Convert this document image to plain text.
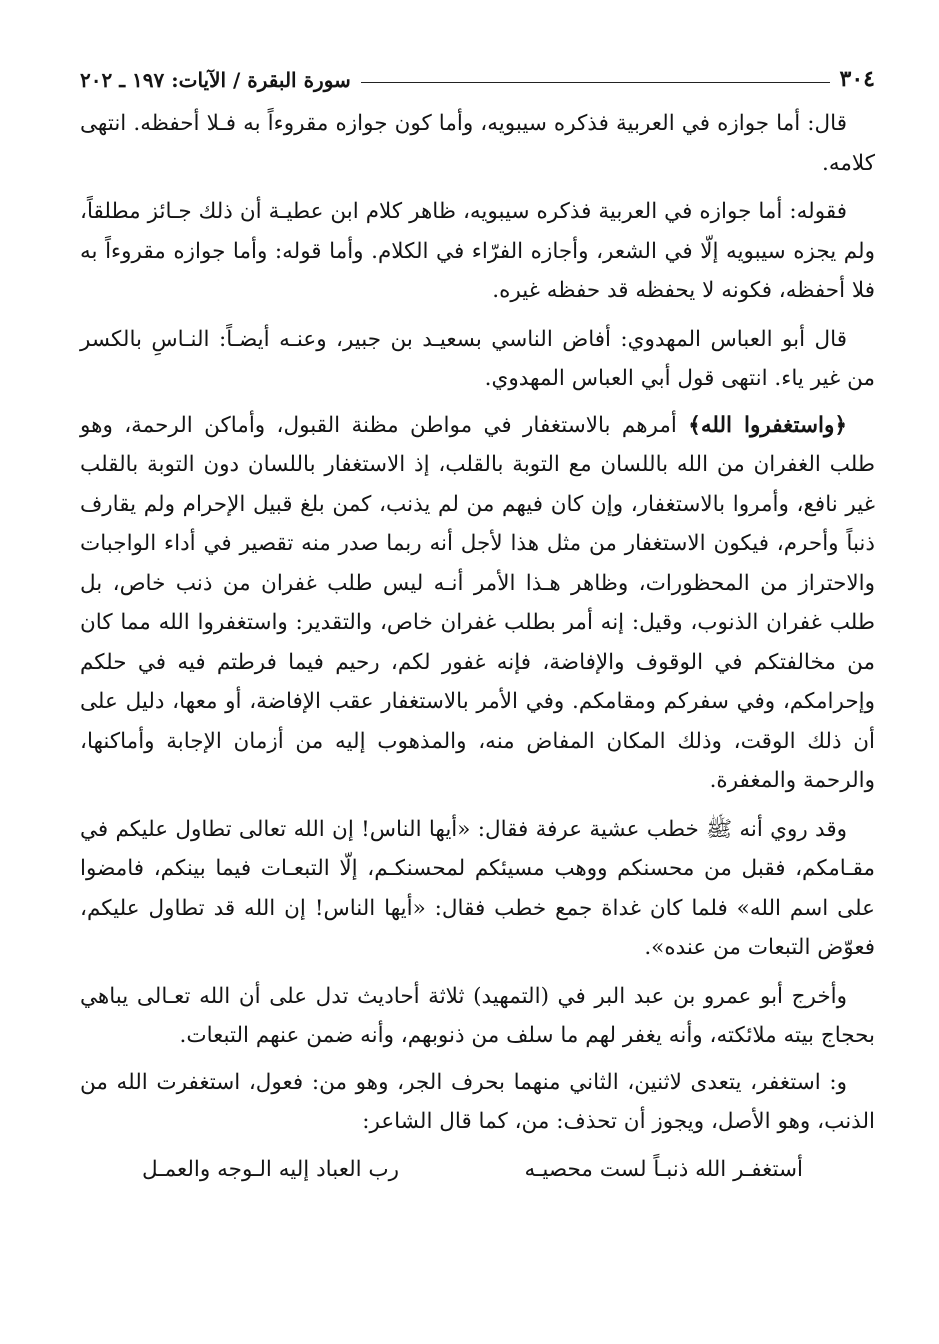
٣٠٤
سورة البقرة / الآيات: ١٩٧ ـ ٢٠٢

قال: أما جوازه في العربية فذكره سيبويه، وأما كون جوازه مقروءاً به فـلا أحفظه. انتهى كلامه.

فقوله: أما جوازه في العربية فذكره سيبويه، ظاهر كلام ابن عطيـة أن ذلك جـائز مطلقاً، ولم يجزه سيبويه إلّا في الشعر، وأجازه الفرّاء في الكلام. وأما قوله: وأما جوازه مقروءاً به فلا أحفظه، فكونه لا يحفظه قد حفظه غيره.

قال أبو العباس المهدوي: أفاض الناسي بسعيـد بن جبير، وعنـه أيضـاً: النـاسِ بالكسر من غير ياء. انتهى قول أبي العباس المهدوي.

﴿واستغفروا الله﴾ أمرهم بالاستغفار في مواطن مظنة القبول، وأماكن الرحمة، وهو طلب الغفران من الله باللسان مع التوبة بالقلب، إذ الاستغفار باللسان دون التوبة بالقلب غير نافع، وأمروا بالاستغفار، وإن كان فيهم من لم يذنب، كمن بلغ قبيل الإحرام ولم يقارف ذنباً وأحرم، فيكون الاستغفار من مثل هذا لأجل أنه ربما صدر منه تقصير في أداء الواجبات والاحتراز من المحظورات، وظاهر هـذا الأمر أنـه ليس طلب غفران من ذنب خاص، بل طلب غفران الذنوب، وقيل: إنه أمر بطلب غفران خاص، والتقدير: واستغفروا الله مما كان من مخالفتكم في الوقوف والإفاضة، فإنه غفور لكم، رحيم فيما فرطتم فيه في حلكم وإحرامكم، وفي سفركم ومقامكم. وفي الأمر بالاستغفار عقب الإفاضة، أو معها، دليل على أن ذلك الوقت، وذلك المكان المفاض منه، والمذهوب إليه من أزمان الإجابة وأماكنها، والرحمة والمغفرة.

وقد روي أنه ﷺ خطب عشية عرفة فقال: «أيها الناس! إن الله تعالى تطاول عليكم في مقـامكم، فقبل من محسنكم ووهب مسيئكم لمحسنكـم، إلّا التبعـات فيما بينكم، فامضوا على اسم الله» فلما كان غداة جمع خطب فقال: «أيها الناس! إن الله قد تطاول عليكم، فعوّض التبعات من عنده».

وأخرج أبو عمرو بن عبد البر في (التمهيد) ثلاثة أحاديث تدل على أن الله تعـالى يباهي بحجاج بيته ملائكته، وأنه يغفر لهم ما سلف من ذنوبهم، وأنه ضمن عنهم التبعات.

و: استغفر، يتعدى لاثنين، الثاني منهما بحرف الجر، وهو من: فعول، استغفرت الله من الذنب، وهو الأصل، ويجوز أن تحذف: من، كما قال الشاعر:

أستغفـر الله ذنبـاً لست محصيـه
رب العباد إليه الـوجه والعمـل
